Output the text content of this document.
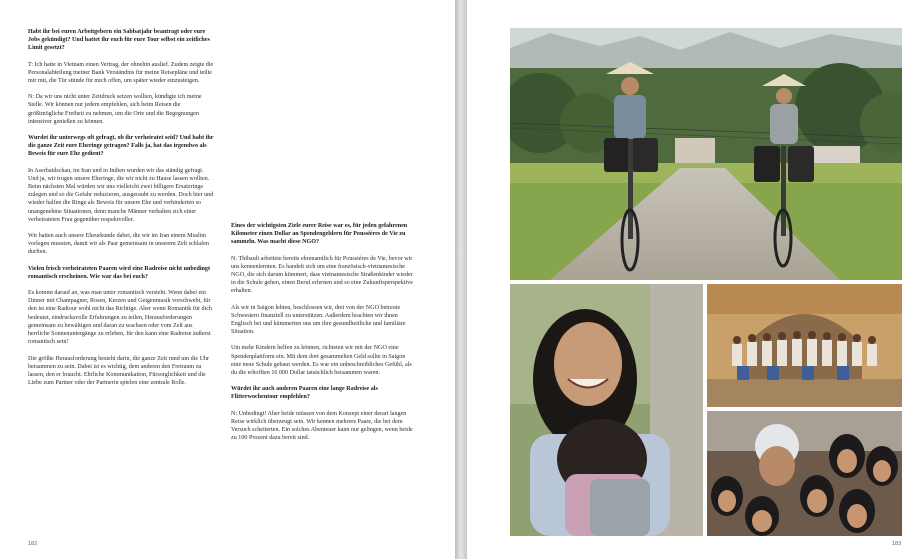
Habt ihr bei euren Arbeitgebern ein Sabbatjahr beantragt oder eure Jobs gekündigt? Und hattet ihr euch für eure Tour selbst ein zeitliches Limit gesetzt?

T: Ich hatte in Vietnam einen Vertrag, der ohnehin auslief. Zudem zeigte die Personalabteilung meiner Bank Verständnis für meine Reisepläne und teilte mir mit, die Tür stünde für mich offen, um später wieder einzusteigen.

N: Da wir uns nicht unter Zeitdruck setzen wollten, kündigte ich meine Stelle. Wir können nur jedem empfehlen, sich beim Reisen die größtmögliche Freiheit zu nehmen, um die Orte und die Begegnungen intensiver genießen zu können.

Wurdet ihr unterwegs oft gefragt, ob ihr verheiratet seid? Und habt ihr die ganze Zeit eure Eheringe getragen? Falls ja, hat das irgendwo als Beweis für eure Ehe gedient?

In Aserbaidschan, im Iran und in Indien wurden wir das ständig gefragt. Und ja, wir trugen unsere Eheringe, die wir nicht zu Hause lassen wollten. Beim nächsten Mal würden wir uns vielleicht zwei billigere Ersatzringe zulegen und so die Gefahr reduzieren, ausgeraubt zu werden. Doch hier und wieder halfen die Ringe als Beweis für unsere Ehe und verhinderten so unangenehme Situationen, denn manche Männer verhalten sich einer verheirateten Frau gegenüber respektvoller.

Wir hatten auch unsere Eheurkunde dabei, die wir im Iran einem Muslim vorlegen mussten, damit wir als Paar gemeinsam in unserem Zelt schlafen durften.

Vielen frisch verheirateten Paaren wird eine Radreise nicht unbedingt romantisch erscheinen. Wie war das bei euch?

Es kommt darauf an, was man unter romantisch versteht. Wenn dabei ein Dinner mit Champagner, Rosen, Kerzen und Geigenmusik vorschwebt, für den ist eine Radtour wohl nicht das Richtige. Aber wenn Romantik für dich bedeutet, eindrucksvolle Erfahrungen zu teilen, Herausforderungen gemeinsam zu bewältigen und daran zu wachsen oder vom Zelt aus herrliche Sonnenuntergänge zu erleben, für den kann eine Radreise äußerst romantisch sein!

Die größte Herausforderung besteht darin, die ganze Zeit rund um die Uhr beisammen zu sein. Dabei ist es wichtig, dem anderen den Freiraum zu lassen, den er braucht. Ehrliche Kommunikation, Fürsorglichkeit und die Liebe zum Partner oder der Partnerin spielen eine zentrale Rolle.

Eines der wichtigsten Ziele eurer Reise war es, für jeden gefahrenen Kilometer einen Dollar an Spendengeldern für Poussières de Vie zu sammeln. Was macht diese NGO?

N: Thibault arbeitete bereits ehrenamtlich für Poussières de Vie, bevor wir uns kennenlernten. Es handelt sich um eine französisch-vietnamesische NGO, die sich darum kümmert, dass vietnamesische Straßenkinder wieder in die Schule gehen, einen Beruf erlernen und so eine Zukunftsperspektive erhalten.

Als wir in Saigon lebten, beschlossen wir, drei von der NGO betreute Schwestern finanziell zu unterstützen. Außerdem brachten wir ihnen Englisch bei und kümmerten uns um ihre gesundheitliche und familiäre Situation.

Um mehr Kindern helfen zu können, richteten wir mit der NGO eine Spendenplattform ein. Mit dem dort gesammelten Geld sollte in Saigon eine neue Schule gebaut werden. Es war ein unbeschreibliches Gefühl, als du die erhofften 16 000 Dollar tatsächlich beisammen waren.

Würdet ihr auch anderen Paaren eine lange Radreise als Flitterwochentour empfehlen?

N: Unbedingt! Aber beide müssen von dem Konzept einer derart langen Reise wirklich überzeugt sein. Wir kennen mehrere Paare, die bei dem Versuch scheiterten. Ein solches Abenteuer kann nur gelingen, wenn beide zu 100 Prozent dazu bereit sind.

182	183
